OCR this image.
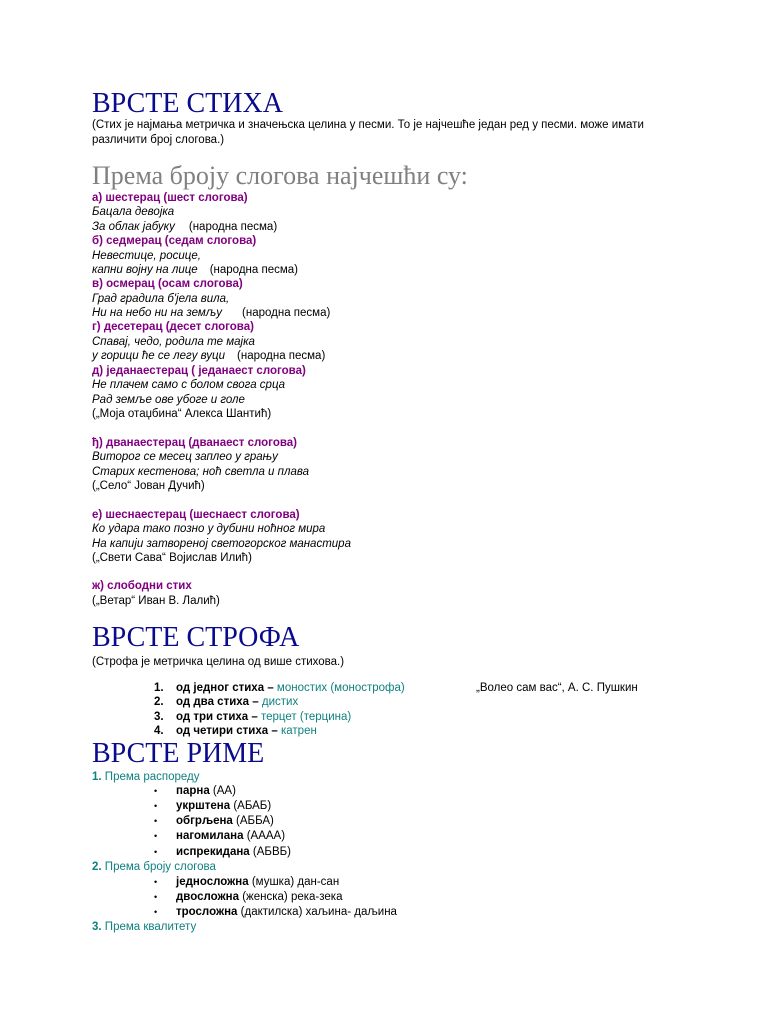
ВРСТЕ СТИХА
(Стих је најмања метричка и значењска целина у песми. То је најчешће један ред у песми. може имати
различити број слогова.)
Према броју слогова најчешћи су:
а) шестерац (шест слогова)
Бацала девојка
За облак јабуку (народна песма)
б) седмерац (седам слогова)
Невестице, росице,
капни војну на лице (народна песма)
в) осмерац (осам слогова)
Град градила б'јела вила,
Ни на небо ни на земљу (народна песма)
г) десетерац (десет слогова)
Спавај, чедо, родила те мајка
у горици ће се легу вуци (народна песма)
д) једанаестерац ( једанаест слогова)
Не плачем само с болом свога срца
Рад земље ове убоге и голе
(„Моја отаџбина“ Алекса Шантић)
ђ) дванаестерац (дванаест слогова)
Виторог се месец заплео у грању
Старих кестенова; ноћ светла и плава
(„Село“ Јован Дучић)
е) шеснаестерац (шеснаест слогова)
Ко удара тако позно у дубини ноћног мира
На капији затвореној светогорског манастира
(„Свети Сава“ Војислав Илић)
ж) слободни стих
(„Ветар“ Иван В. Лалић)
ВРСТЕ СТРОФА
(Строфа је метричка целина од више стихова.)
1. од једног стиха – моностих (монострофа)	„Волео сам вас“, А. С. Пушкин
2. од два стиха – дистих
3. од три стиха – терцет (терцина)
4. од четири стиха – катрен
ВРСТЕ РИМЕ
1. Према распореду
• парна (АА)
• укрштена (АБАБ)
• обгрљена (АББА)
• нагомилана (АААА)
• испрекидана (АБВБ)
2. Према броју слогова
• једносложна (мушка) дан-сан
• двосложна (женска) река-зека
• тросложна (дактилска) хаљина- даљина
3. Према квалитету
